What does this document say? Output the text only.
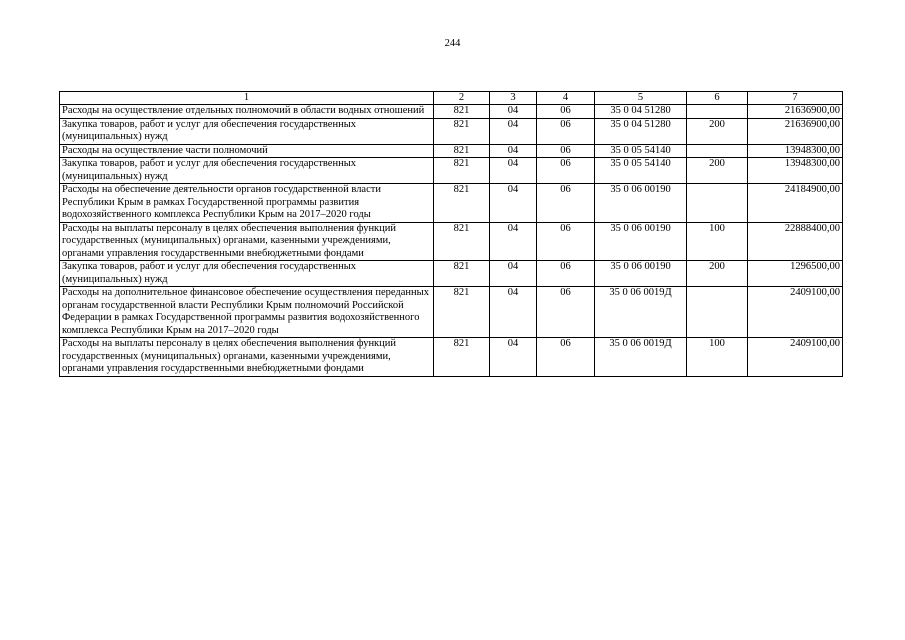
244
1	2	3	4	5	6	7
Расходы на осуществление отдельных полномочий в области водных отношений	821	04	06	35 0 04 51280		21636900,00
Закупка товаров, работ и услуг для обеспечения государственных (муниципальных) нужд	821	04	06	35 0 04 51280	200	21636900,00
Расходы на осуществление части полномочий	821	04	06	35 0 05 54140		13948300,00
Закупка товаров, работ и услуг для обеспечения государственных (муниципальных) нужд	821	04	06	35 0 05 54140	200	13948300,00
Расходы на обеспечение деятельности органов государственной власти Республики Крым в рамках Государственной программы развития водохозяйственного комплекса Республики Крым на 2017–2020 годы	821	04	06	35 0 06 00190		24184900,00
Расходы на выплаты персоналу в целях обеспечения выполнения функций государственных (муниципальных) органами, казенными учреждениями, органами управления государственными внебюджетными фондами	821	04	06	35 0 06 00190	100	22888400,00
Закупка товаров, работ и услуг для обеспечения государственных (муниципальных) нужд	821	04	06	35 0 06 00190	200	1296500,00
Расходы на дополнительное финансовое обеспечение осуществления переданных органам государственной власти Республики Крым полномочий Российской Федерации в рамках Государственной программы развития водохозяйственного комплекса Республики Крым на 2017–2020 годы	821	04	06	35 0 06 0019Д		2409100,00
Расходы на выплаты персоналу в целях обеспечения выполнения функций государственных (муниципальных) органами, казенными учреждениями, органами управления государственными внебюджетными фондами	821	04	06	35 0 06 0019Д	100	2409100,00
